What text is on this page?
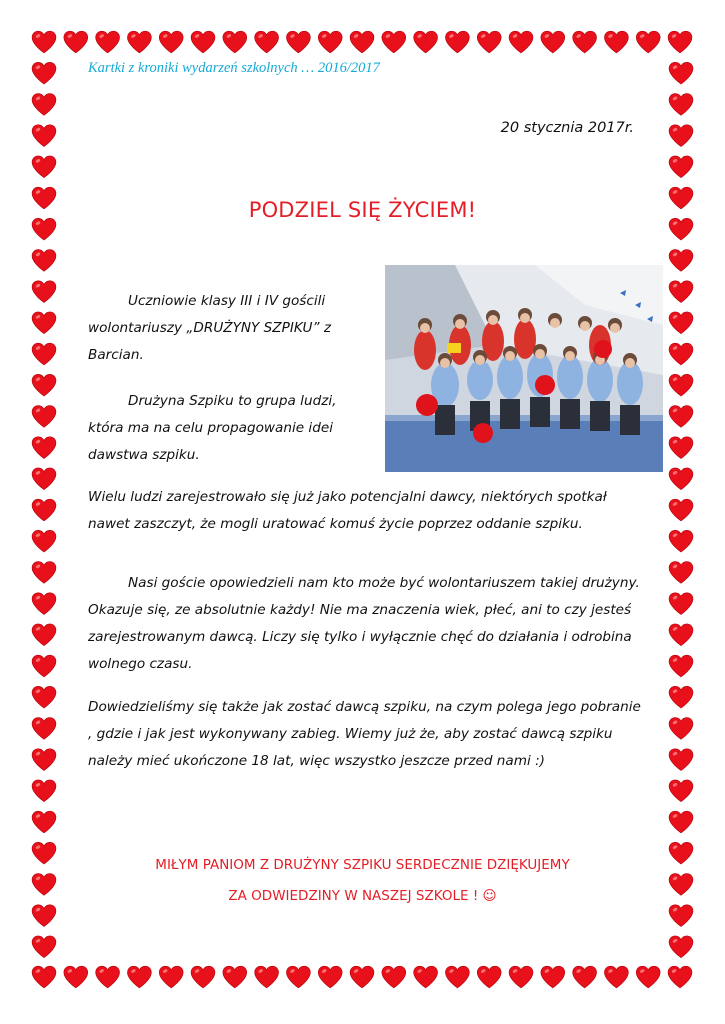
Kartki z kroniki wydarzeń szkolnych … 2016/2017
20 stycznia 2017r.
PODZIEL SIĘ ŻYCIEM!
Uczniowie klasy III i IV gościli wolontariuszy „DRUŻYNY SZPIKU” z Barcian.
Drużyna Szpiku to grupa ludzi, która ma na celu propagowanie idei dawstwa szpiku.
Wielu ludzi zarejestrowało się już jako potencjalni dawcy, niektórych spotkał nawet zaszczyt, że mogli uratować komuś życie poprzez oddanie szpiku.
Nasi goście opowiedzieli nam kto może być wolontariuszem takiej drużyny. Okazuje się, ze absolutnie każdy! Nie ma znaczenia wiek, płeć, ani to czy jesteś zarejestrowanym dawcą. Liczy się tylko i wyłącznie chęć do działania i odrobina wolnego czasu.
Dowiedzieliśmy się także jak zostać dawcą szpiku, na czym polega jego pobranie , gdzie i jak jest wykonywany zabieg. Wiemy już że, aby zostać dawcą szpiku należy mieć ukończone 18 lat, więc wszystko jeszcze przed nami :)
MIŁYM PANIOM Z DRUŻYNY SZPIKU SERDECZNIE DZIĘKUJEMY
ZA ODWIEDZINY W NASZEJ SZKOLE ! ☺
